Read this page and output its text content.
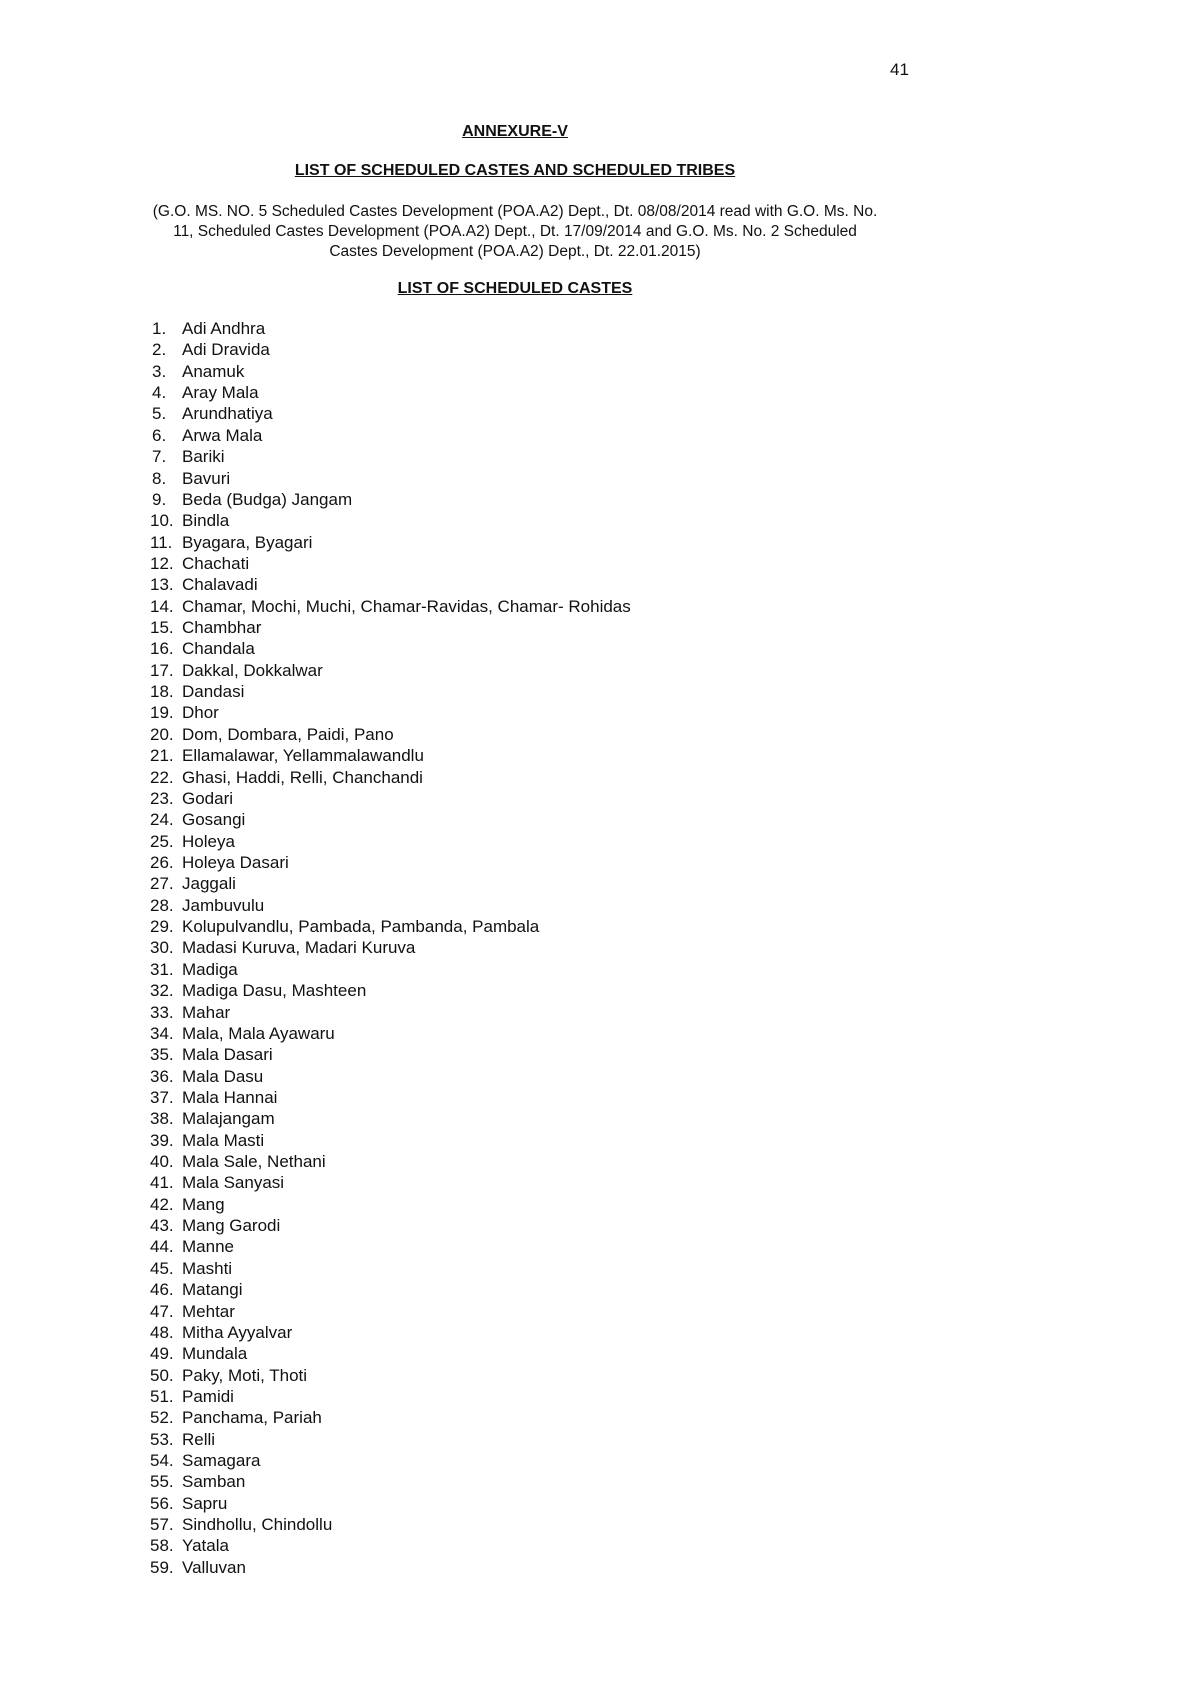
41
ANNEXURE-V
LIST OF SCHEDULED CASTES AND SCHEDULED TRIBES
(G.O. MS. NO. 5 Scheduled Castes Development (POA.A2) Dept., Dt. 08/08/2014 read with G.O. Ms. No.
11, Scheduled Castes Development (POA.A2) Dept., Dt. 17/09/2014 and G.O. Ms. No. 2 Scheduled
Castes Development (POA.A2) Dept., Dt. 22.01.2015)
LIST OF SCHEDULED CASTES
1. Adi Andhra
2. Adi Dravida
3. Anamuk
4. Aray Mala
5. Arundhatiya
6. Arwa Mala
7. Bariki
8. Bavuri
9. Beda (Budga) Jangam
10. Bindla
11. Byagara, Byagari
12. Chachati
13. Chalavadi
14. Chamar, Mochi, Muchi, Chamar-Ravidas, Chamar- Rohidas
15. Chambhar
16. Chandala
17. Dakkal, Dokkalwar
18. Dandasi
19. Dhor
20. Dom, Dombara, Paidi, Pano
21. Ellamalawar, Yellammalawandlu
22. Ghasi, Haddi, Relli, Chanchandi
23. Godari
24. Gosangi
25. Holeya
26. Holeya Dasari
27. Jaggali
28. Jambuvulu
29. Kolupulvandlu, Pambada, Pambanda, Pambala
30. Madasi Kuruva, Madari Kuruva
31. Madiga
32. Madiga Dasu, Mashteen
33. Mahar
34. Mala, Mala Ayawaru
35. Mala Dasari
36. Mala Dasu
37. Mala Hannai
38. Malajangam
39. Mala Masti
40. Mala Sale, Nethani
41. Mala Sanyasi
42. Mang
43. Mang Garodi
44. Manne
45. Mashti
46. Matangi
47. Mehtar
48. Mitha Ayyalvar
49. Mundala
50. Paky, Moti, Thoti
51. Pamidi
52. Panchama, Pariah
53. Relli
54. Samagara
55. Samban
56. Sapru
57. Sindhollu, Chindollu
58. Yatala
59. Valluvan
